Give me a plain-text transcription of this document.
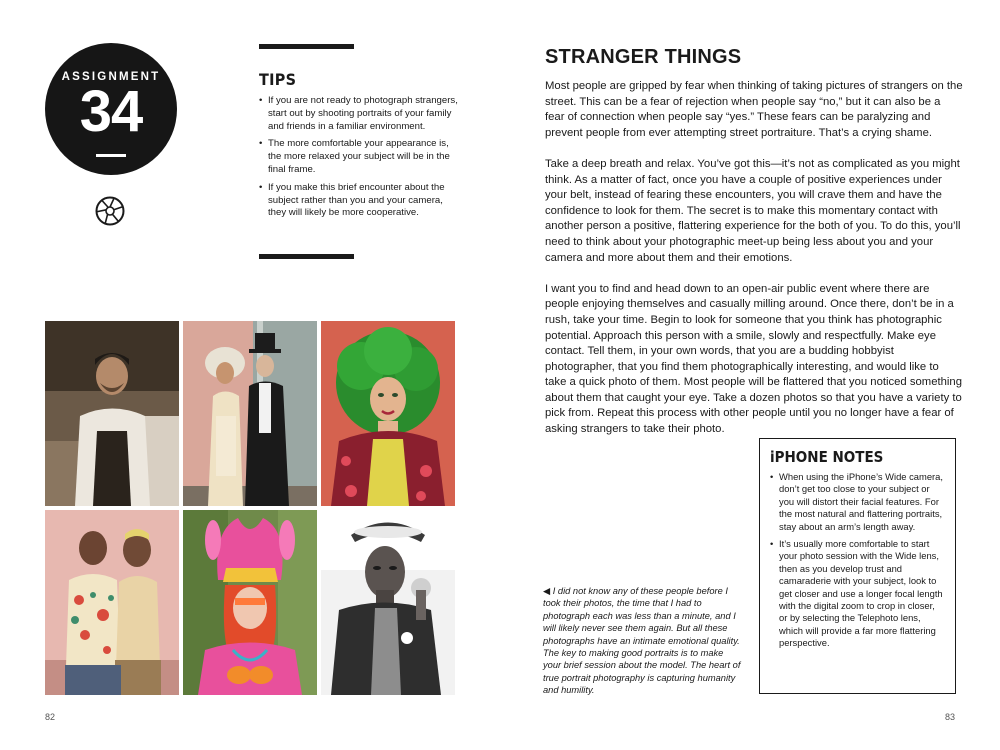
ASSIGNMENT
34	TIPS
• If you are not ready to photograph strangers, start out by shooting portraits of your family and friends in a familiar environment.
• The more comfortable your appearance is, the more relaxed your subject will be in the final frame.
• If you make this brief encounter about the subject rather than you and your camera, they will likely be more cooperative.
82
STRANGER THINGS

Most people are gripped by fear when thinking of taking pictures of strangers on the street. This can be a fear of rejection when people say “no,” but it can also be a fear of connection when people say “yes.” These fears can be paralyzing and prevent people from ever attempting street portraiture. That’s a crying shame.

Take a deep breath and relax. You’ve got this—it’s not as complicated as you might think. As a matter of fact, once you have a couple of positive experiences under your belt, instead of fearing these encounters, you will crave them and have the confidence to look for them. The secret is to make this momentary contact with another person a positive, flattering experience for the both of you. To do this, you’ll need to think about your photographic meet-up being less about you and your camera and more about them and their emotions.

I want you to find and head down to an open-air public event where there are people enjoying themselves and casually milling around. Once there, don’t be in a rush, take your time. Begin to look for someone that you think has photographic potential. Approach this person with a smile, slowly and respectfully. Make eye contact. Tell them, in your own words, that you are a budding hobbyist photographer, that you find them photographically interesting, and would like to take a quick photo of them. Most people will be flattered that you noticed something about them that caught your eye. Take a dozen photos so that you have a variety to pick from. Repeat this process with other people until you no longer have a fear of asking strangers to take their photo.

◀ I did not know any of these people before I took their photos, the time that I had to photograph each was less than a minute, and I will likely never see them again. But all these photographs have an intimate emotional quality. The key to making good portraits is to make your brief session about the model. The heart of true portrait photography is capturing humanity and humility.
iPHONE NOTES
• When using the iPhone’s Wide camera, don’t get too close to your subject or you will distort their facial features. For the most natural and flattering portraits, stay about an arm’s length away.
• It’s usually more comfortable to start your photo session with the Wide lens, then as you develop trust and camaraderie with your subject, look to get closer and use a longer focal length with the digital zoom to crop in closer, or by selecting the Telephoto lens, which will provide a far more flattering perspective.
83
